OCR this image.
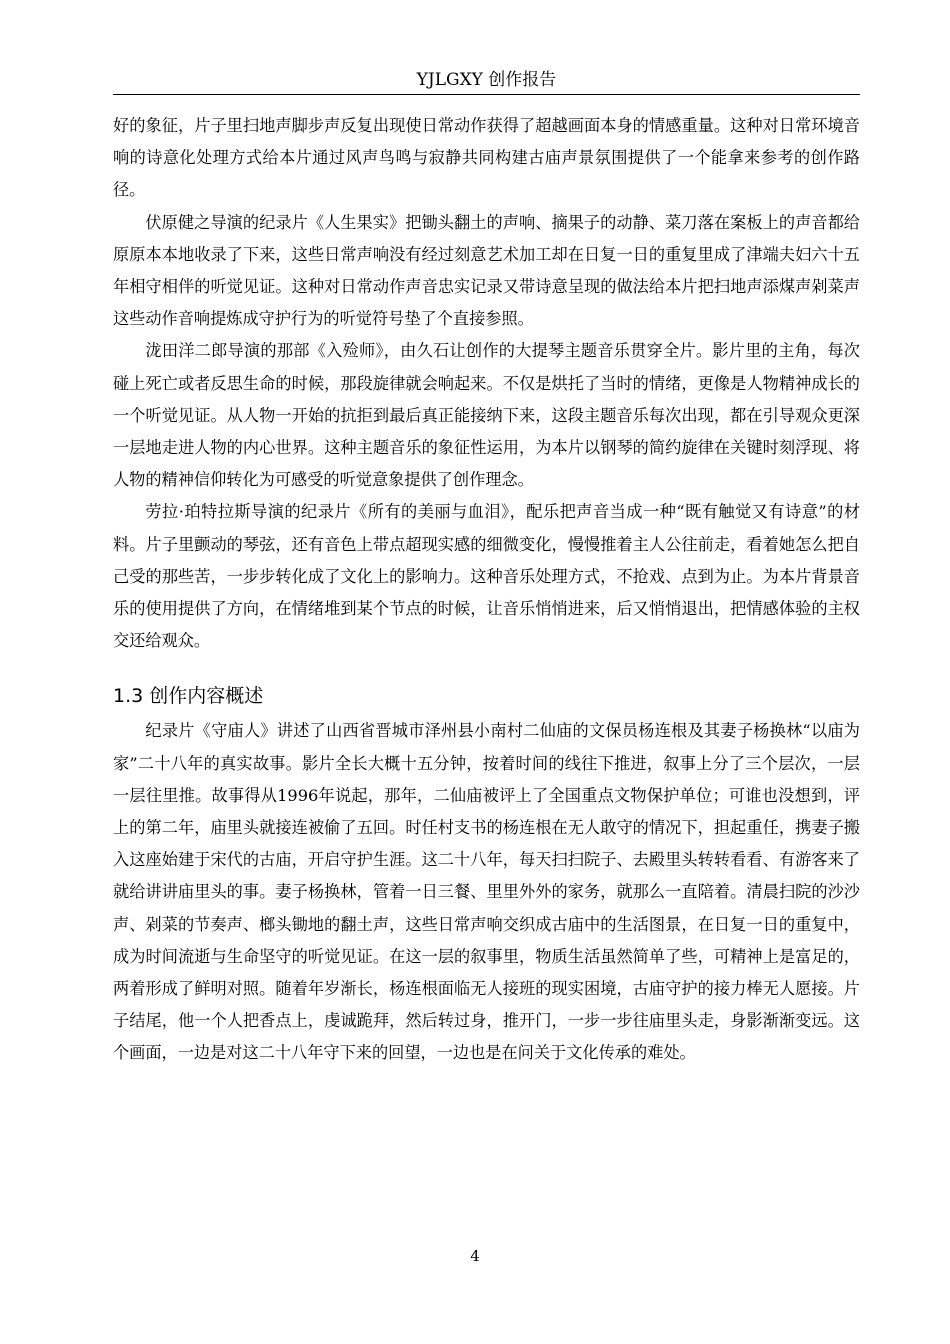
YJLGXY 创作报告

好的象征，片子里扫地声脚步声反复出现使日常动作获得了超越画面本身的情感重量。这种对日常环境音响的诗意化处理方式给本片通过风声鸟鸣与寂静共同构建古庙声景氛围提供了一个能拿来参考的创作路径。

伏原健之导演的纪录片《人生果实》把锄头翻土的声响、摘果子的动静、菜刀落在案板上的声音都给原原本本地收录了下来，这些日常声响没有经过刻意艺术加工却在日复一日的重复里成了津端夫妇六十五年相守相伴的听觉见证。这种对日常动作声音忠实记录又带诗意呈现的做法给本片把扫地声添煤声剁菜声这些动作音响提炼成守护行为的听觉符号垫了个直接参照。

泷田洋二郎导演的那部《入殓师》，由久石让创作的大提琴主题音乐贯穿全片。影片里的主角，每次碰上死亡或者反思生命的时候，那段旋律就会响起来。不仅是烘托了当时的情绪，更像是人物精神成长的一个听觉见证。从人物一开始的抗拒到最后真正能接纳下来，这段主题音乐每次出现，都在引导观众更深一层地走进人物的内心世界。这种主题音乐的象征性运用，为本片以钢琴的简约旋律在关键时刻浮现、将人物的精神信仰转化为可感受的听觉意象提供了创作理念。

劳拉·珀特拉斯导演的纪录片《所有的美丽与血泪》，配乐把声音当成一种“既有触觉又有诗意”的材料。片子里颤动的琴弦，还有音色上带点超现实感的细微变化，慢慢推着主人公往前走，看着她怎么把自己受的那些苦，一步步转化成了文化上的影响力。这种音乐处理方式，不抢戏、点到为止。为本片背景音乐的使用提供了方向，在情绪堆到某个节点的时候，让音乐悄悄进来，后又悄悄退出，把情感体验的主权交还给观众。

1.3 创作内容概述

纪录片《守庙人》讲述了山西省晋城市泽州县小南村二仙庙的文保员杨连根及其妻子杨换林“以庙为家”二十八年的真实故事。影片全长大概十五分钟，按着时间的线往下推进，叙事上分了三个层次，一层一层往里推。故事得从1996年说起，那年，二仙庙被评上了全国重点文物保护单位；可谁也没想到，评上的第二年，庙里头就接连被偷了五回。时任村支书的杨连根在无人敢守的情况下，担起重任，携妻子搬入这座始建于宋代的古庙，开启守护生涯。这二十八年，每天扫扫院子、去殿里头转转看看、有游客来了就给讲讲庙里头的事。妻子杨换林，管着一日三餐、里里外外的家务，就那么一直陪着。清晨扫院的沙沙声、剁菜的节奏声、榔头锄地的翻土声，这些日常声响交织成古庙中的生活图景，在日复一日的重复中，成为时间流逝与生命坚守的听觉见证。在这一层的叙事里，物质生活虽然简单了些，可精神上是富足的，两着形成了鲜明对照。随着年岁渐长，杨连根面临无人接班的现实困境，古庙守护的接力棒无人愿接。片子结尾，他一个人把香点上，虔诚跪拜，然后转过身，推开门，一步一步往庙里头走，身影渐渐变远。这个画面，一边是对这二十八年守下来的回望，一边也是在问关于文化传承的难处。

4
